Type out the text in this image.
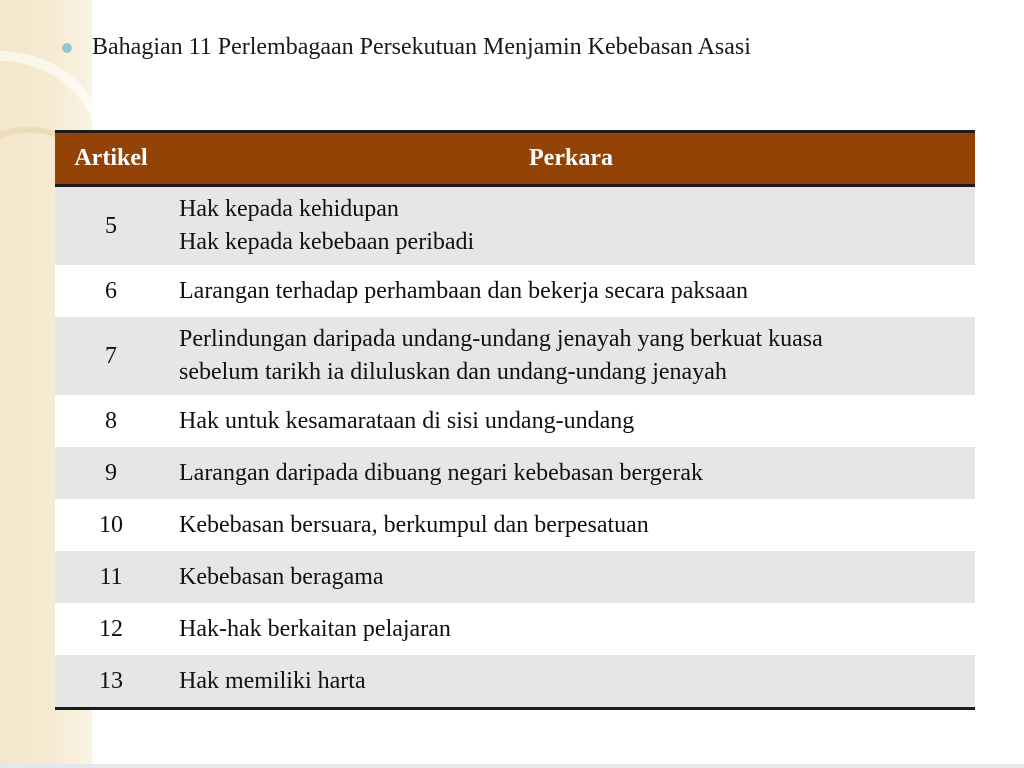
Bahagian 11 Perlembagaan Persekutuan Menjamin Kebebasan Asasi
Artikel	Perkara
5	Hak kepada kehidupan
Hak kepada kebebaan peribadi

6	Larangan terhadap perhambaan dan bekerja secara paksaan
7	Perlindungan daripada undang-undang jenayah yang berkuat kuasa
sebelum tarikh ia diluluskan dan undang-undang jenayah

8	Hak untuk kesamarataan di sisi undang-undang
9	Larangan daripada dibuang negari kebebasan bergerak
10	Kebebasan bersuara, berkumpul dan berpesatuan
11	Kebebasan beragama
12	Hak-hak berkaitan pelajaran
13	Hak memiliki harta
